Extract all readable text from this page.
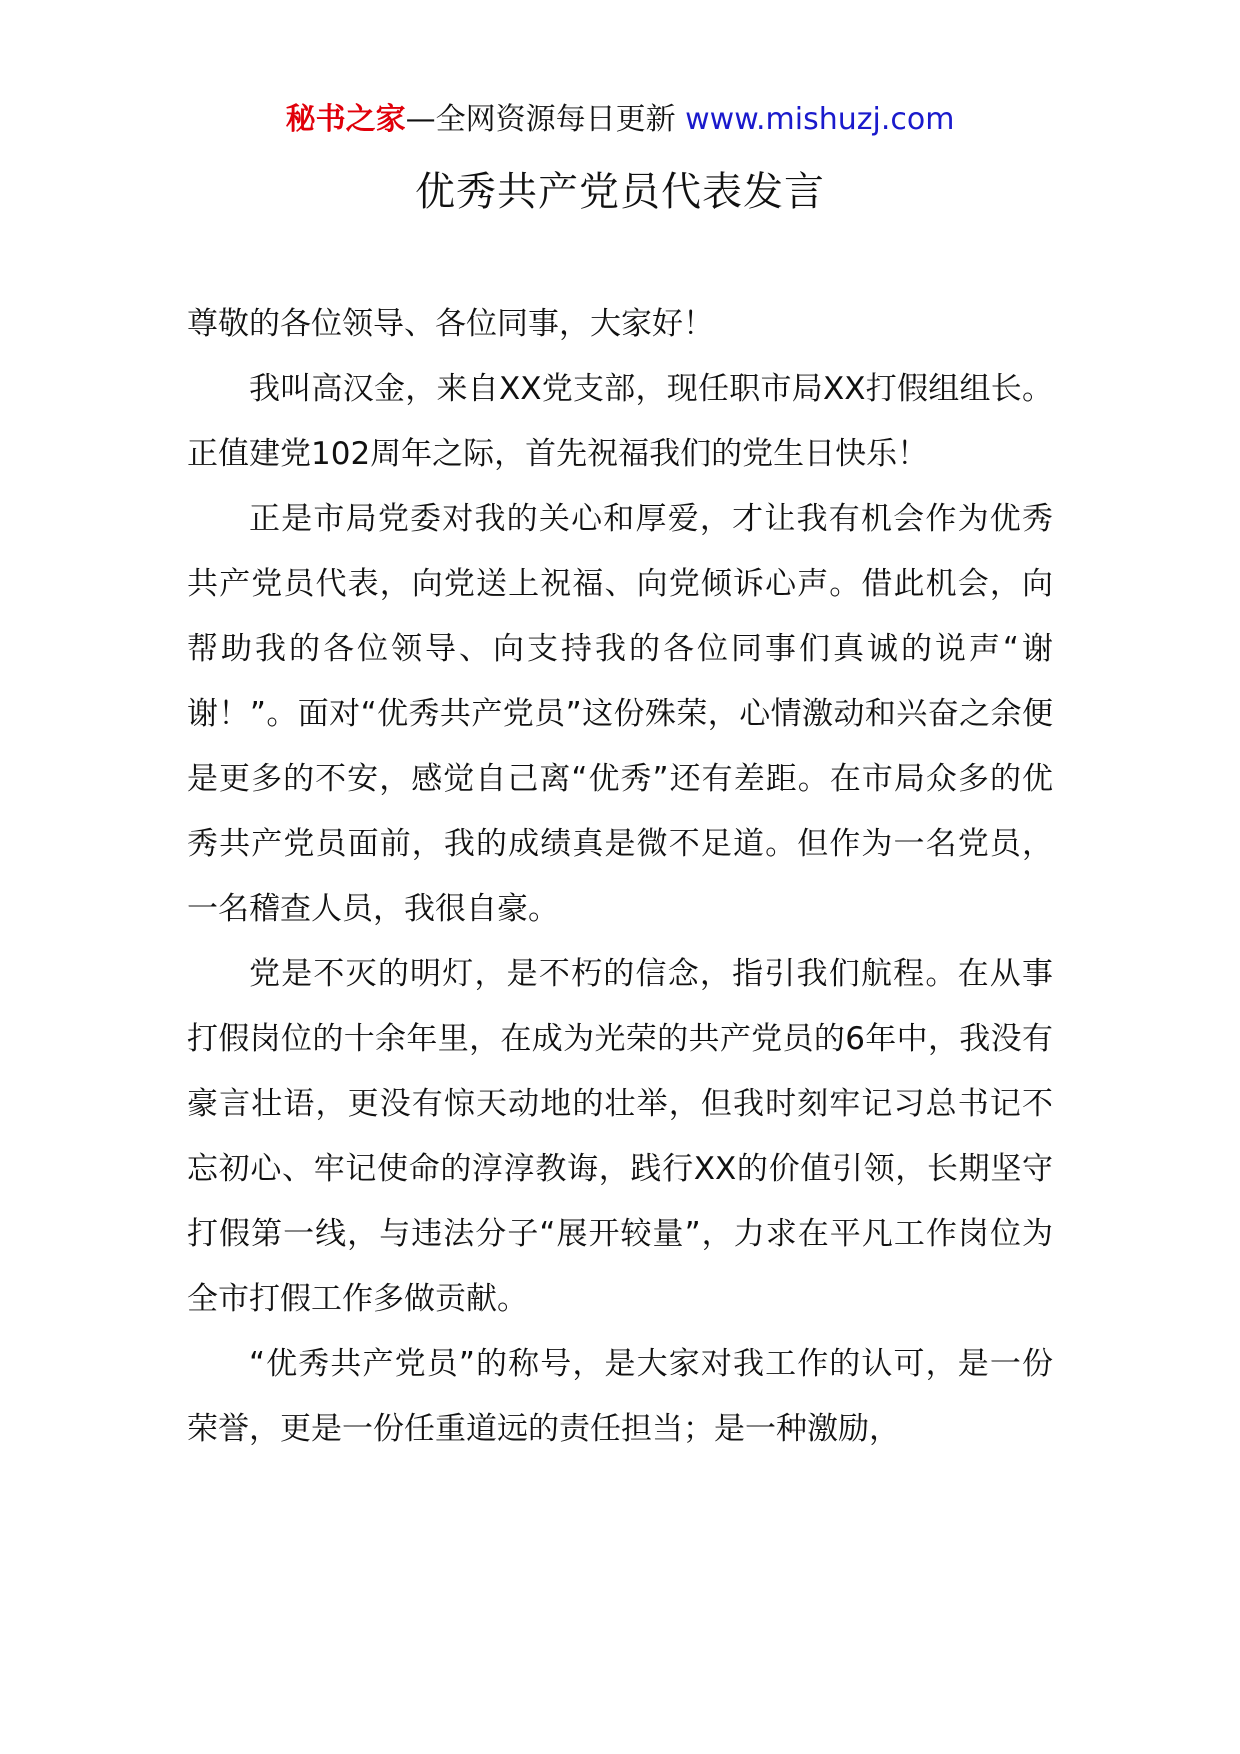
秘书之家—全网资源每日更新 www.mishuzj.com
优秀共产党员代表发言

尊敬的各位领导、各位同事，大家好！

我叫高汉金，来自XX党支部，现任职市局XX打假组组长。正值建党102周年之际，首先祝福我们的党生日快乐！

正是市局党委对我的关心和厚爱，才让我有机会作为优秀共产党员代表，向党送上祝福、向党倾诉心声。借此机会，向帮助我的各位领导、向支持我的各位同事们真诚的说声“谢谢！”。面对“优秀共产党员”这份殊荣，心情激动和兴奋之余便是更多的不安，感觉自己离“优秀”还有差距。在市局众多的优秀共产党员面前，我的成绩真是微不足道。但作为一名党员，一名稽查人员，我很自豪。

党是不灭的明灯，是不朽的信念，指引我们航程。在从事打假岗位的十余年里，在成为光荣的共产党员的6年中，我没有豪言壮语，更没有惊天动地的壮举，但我时刻牢记习总书记不忘初心、牢记使命的淳淳教诲，践行XX的价值引领，长期坚守打假第一线，与违法分子“展开较量”，力求在平凡工作岗位为全市打假工作多做贡献。

“优秀共产党员”的称号，是大家对我工作的认可，是一份荣誉，更是一份任重道远的责任担当；是一种激励，
